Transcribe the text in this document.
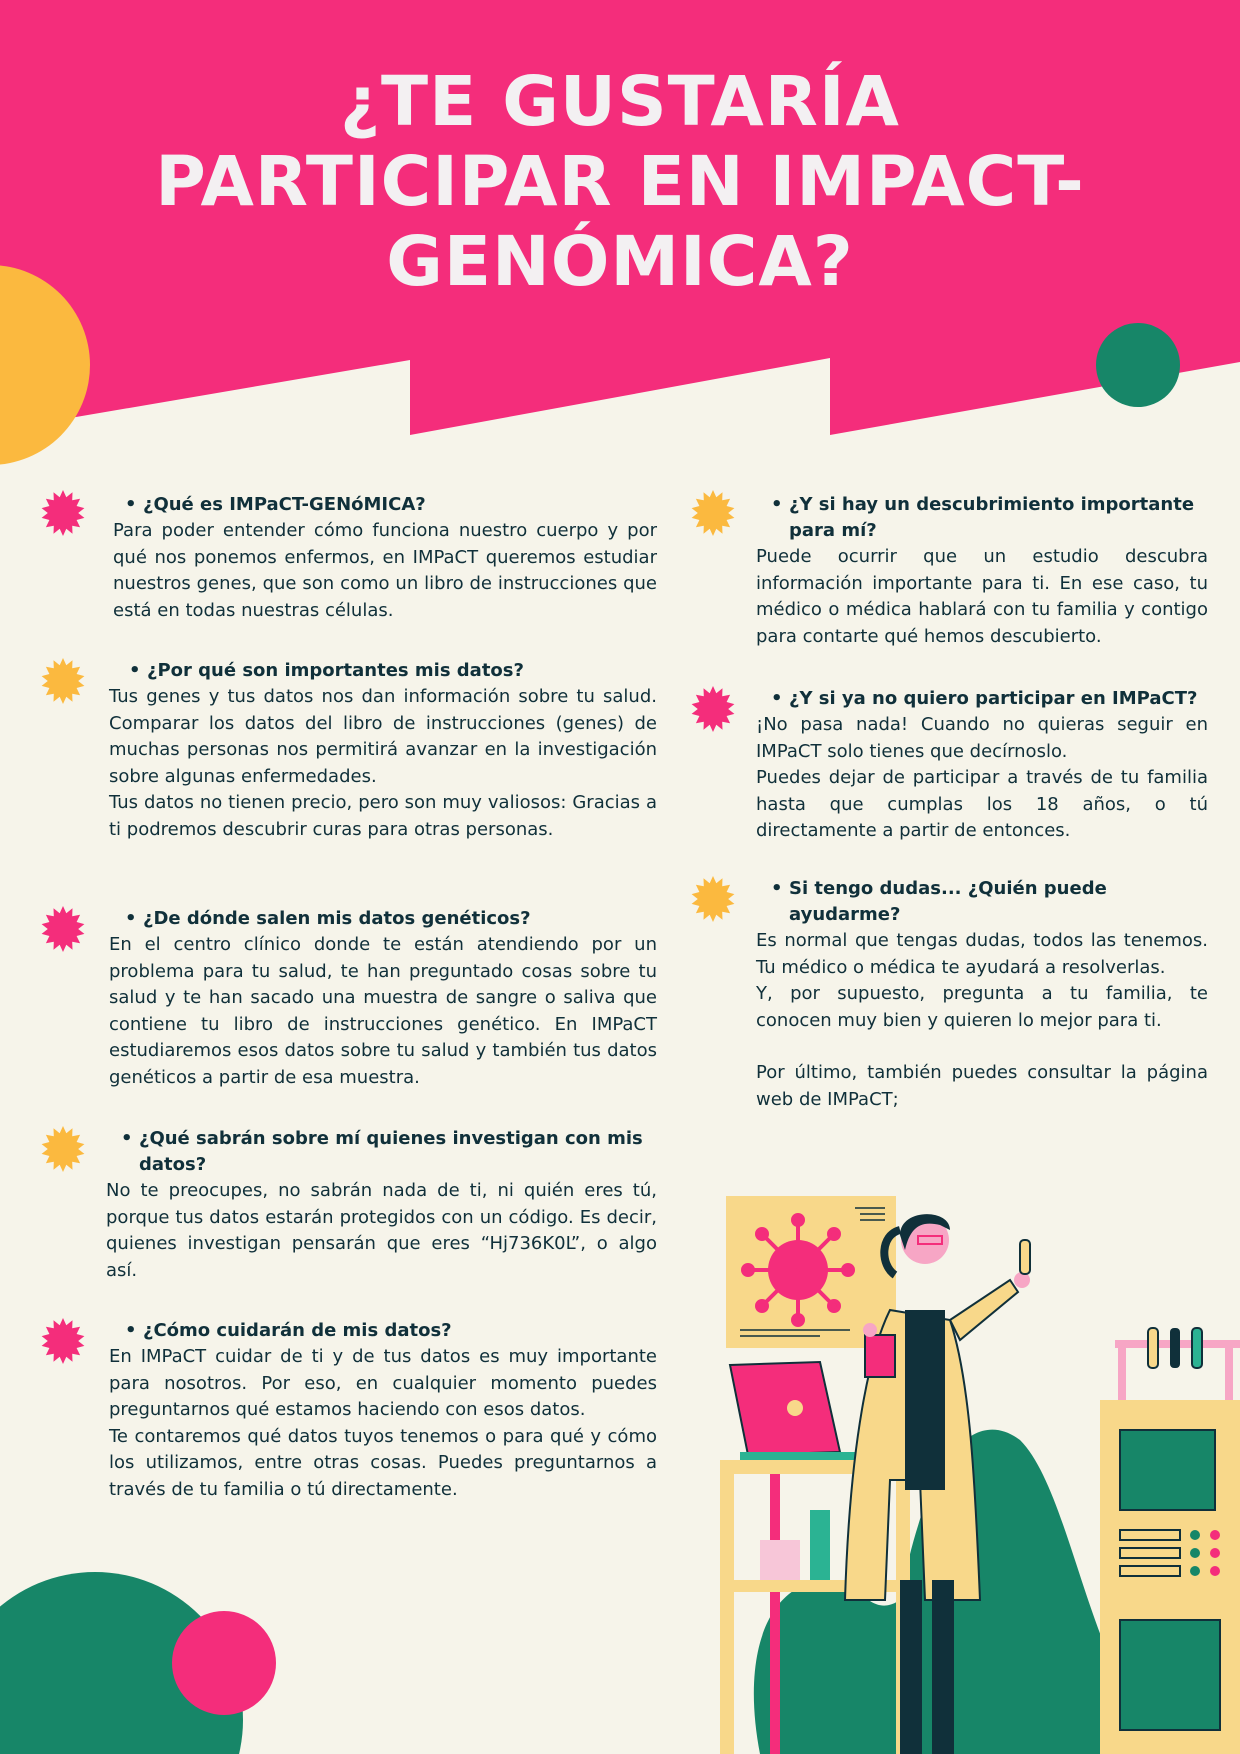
¿TE GUSTARÍA
PARTICIPAR EN IMPACT-
GENÓMICA?
• ¿Qué es IMPaCT-GENóMICA?

Para poder entender cómo funciona nuestro cuerpo y por qué nos ponemos enfermos, en IMPaCT queremos estudiar nuestros genes, que son como un libro de instrucciones que está en todas nuestras células.

• ¿Por qué son importantes mis datos?

Tus genes y tus datos nos dan información sobre tu salud. Comparar los datos del libro de instrucciones (genes) de muchas personas nos permitirá avanzar en la investigación sobre algunas enfermedades.

Tus datos no tienen precio, pero son muy valiosos: Gracias a ti podremos descubrir curas para otras personas.

• ¿De dónde salen mis datos genéticos?

En el centro clínico donde te están atendiendo por un problema para tu salud, te han preguntado cosas sobre tu salud y te han sacado una muestra de sangre o saliva que contiene tu libro de instrucciones genético. En IMPaCT estudiaremos esos datos sobre tu salud y también tus datos genéticos a partir de esa muestra.

• ¿Qué sabrán sobre mí quienes investigan con mis datos?

No te preocupes, no sabrán nada de ti, ni quién eres tú, porque tus datos estarán protegidos con un código. Es decir, quienes investigan pensarán que eres “Hj736K0L”, o algo así.

• ¿Cómo cuidarán de mis datos?

En IMPaCT cuidar de ti y de tus datos es muy importante para nosotros. Por eso, en cualquier momento puedes preguntarnos qué estamos haciendo con esos datos.

Te contaremos qué datos tuyos tenemos o para qué y cómo los utilizamos, entre otras cosas. Puedes preguntarnos a través de tu familia o tú directamente.

• ¿Y si hay un descubrimiento importante para mí?

Puede ocurrir que un estudio descubra información importante para ti. En ese caso, tu médico o médica hablará con tu familia y contigo para contarte qué hemos descubierto.

• ¿Y si ya no quiero participar en IMPaCT?

¡No pasa nada! Cuando no quieras seguir en IMPaCT solo tienes que decírnoslo.

Puedes dejar de participar a través de tu familia hasta que cumplas los 18 años, o tú directamente a partir de entonces.

• Si tengo dudas... ¿Quién puede ayudarme?

Es normal que tengas dudas, todos las tenemos. Tu médico o médica te ayudará a resolverlas.

Y, por supuesto, pregunta a tu familia, te conocen muy bien y quieren lo mejor para ti.

Por último, también puedes consultar la página web de IMPaCT;
